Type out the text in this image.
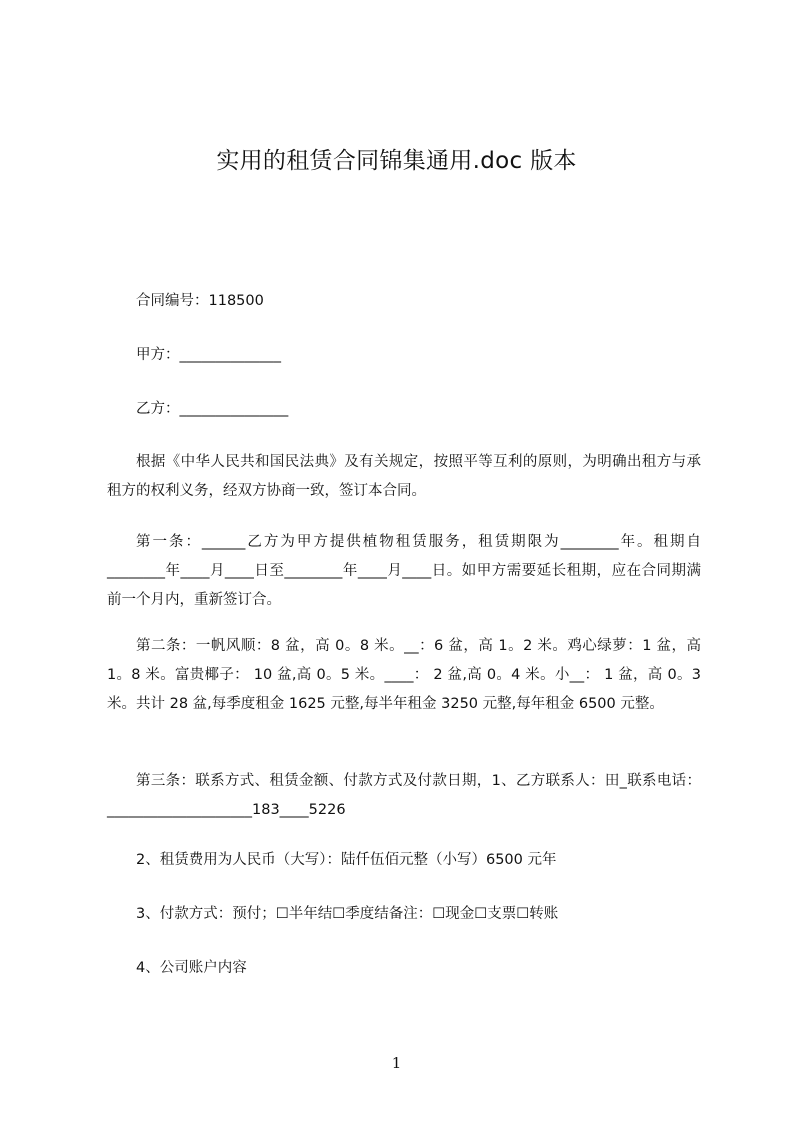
实用的租赁合同锦集通用.doc 版本

合同编号：118500

甲方：______________

乙方：_______________

根据《中华人民共和国民法典》及有关规定，按照平等互利的原则，为明确出租方与承租方的权利义务，经双方协商一致，签订本合同。

第一条：______乙方为甲方提供植物租赁服务，租赁期限为________年。租期自________年____月____日至________年____月____日。如甲方需要延长租期，应在合同期满前一个月内，重新签订合。

第二条：一帆风顺：8 盆，高 0。8 米。__：6 盆，高 1。2 米。鸡心绿萝：1 盆，高 1。8 米。富贵椰子： 10 盆,高 0。5 米。____： 2 盆,高 0。4 米。小__： 1 盆，高 0。3 米。共计 28 盆,每季度租金 1625 元整,每半年租金 3250 元整,每年租金 6500 元整。

第三条：联系方式、租赁金额、付款方式及付款日期，1、乙方联系人：田_联系电话：____________________183____5226

2、租赁费用为人民币（大写）：陆仟伍佰元整（小写）6500 元年

3、付款方式：预付；☐半年结☐季度结备注：☐现金☐支票☐转账

4、公司账户内容

1
